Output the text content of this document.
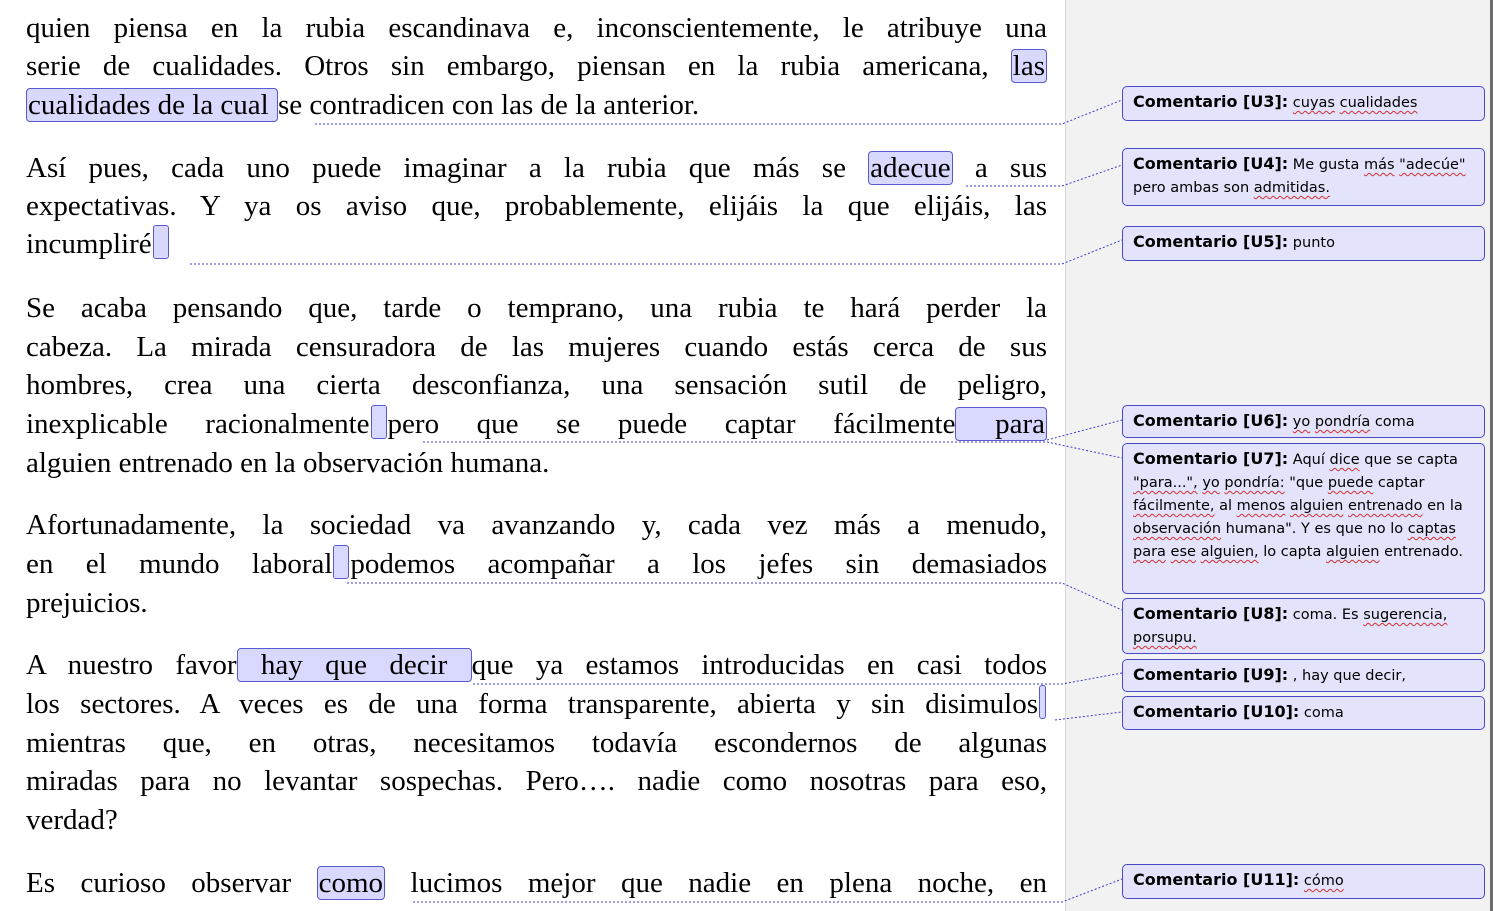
quien piensa en la rubia escandinava e, inconscientemente, le atribuye una
serie de cualidades. Otros sin embargo, piensan en la rubia americana, las
cualidades de la cual se contradicen con las de la anterior.
Así pues, cada uno puede imaginar a la rubia que más se adecue a sus
expectativas. Y ya os aviso que, probablemente, elijáis la que elijáis, las
incumpliré
Se acaba pensando que, tarde o temprano, una rubia te hará perder la
cabeza. La mirada censuradora de las mujeres cuando estás cerca de sus
hombres, crea una cierta desconfianza, una sensación sutil de peligro,
inexplicable racionalmente pero que se puede captar fácilmente para
alguien entrenado en la observación humana.
Afortunadamente, la sociedad va avanzando y, cada vez más a menudo,
en el mundo laboral podemos acompañar a los jefes sin demasiados
prejuicios.
A nuestro favor hay que decir que ya estamos introducidas en casi todos
los sectores. A veces es de una forma transparente, abierta y sin disimulos
mientras que, en otras, necesitamos todavía escondernos de algunas
miradas para no levantar sospechas. Pero…. nadie como nosotras para eso,
verdad?
Es curioso observar como lucimos mejor que nadie en plena noche, en
Comentario [U3]: cuyas cualidades
Comentario [U4]: Me gusta más "adecúe" pero ambas son admitidas.
Comentario [U5]: punto
Comentario [U6]: yo pondría coma
Comentario [U7]: Aquí dice que se capta "para...", yo pondría: "que puede captar fácilmente, al menos alguien entrenado en la observación humana". Y es que no lo captas para ese alguien, lo capta alguien entrenado.
Comentario [U8]: coma. Es sugerencia, porsupu.
Comentario [U9]: , hay que decir,
Comentario [U10]: coma
Comentario [U11]: cómo
